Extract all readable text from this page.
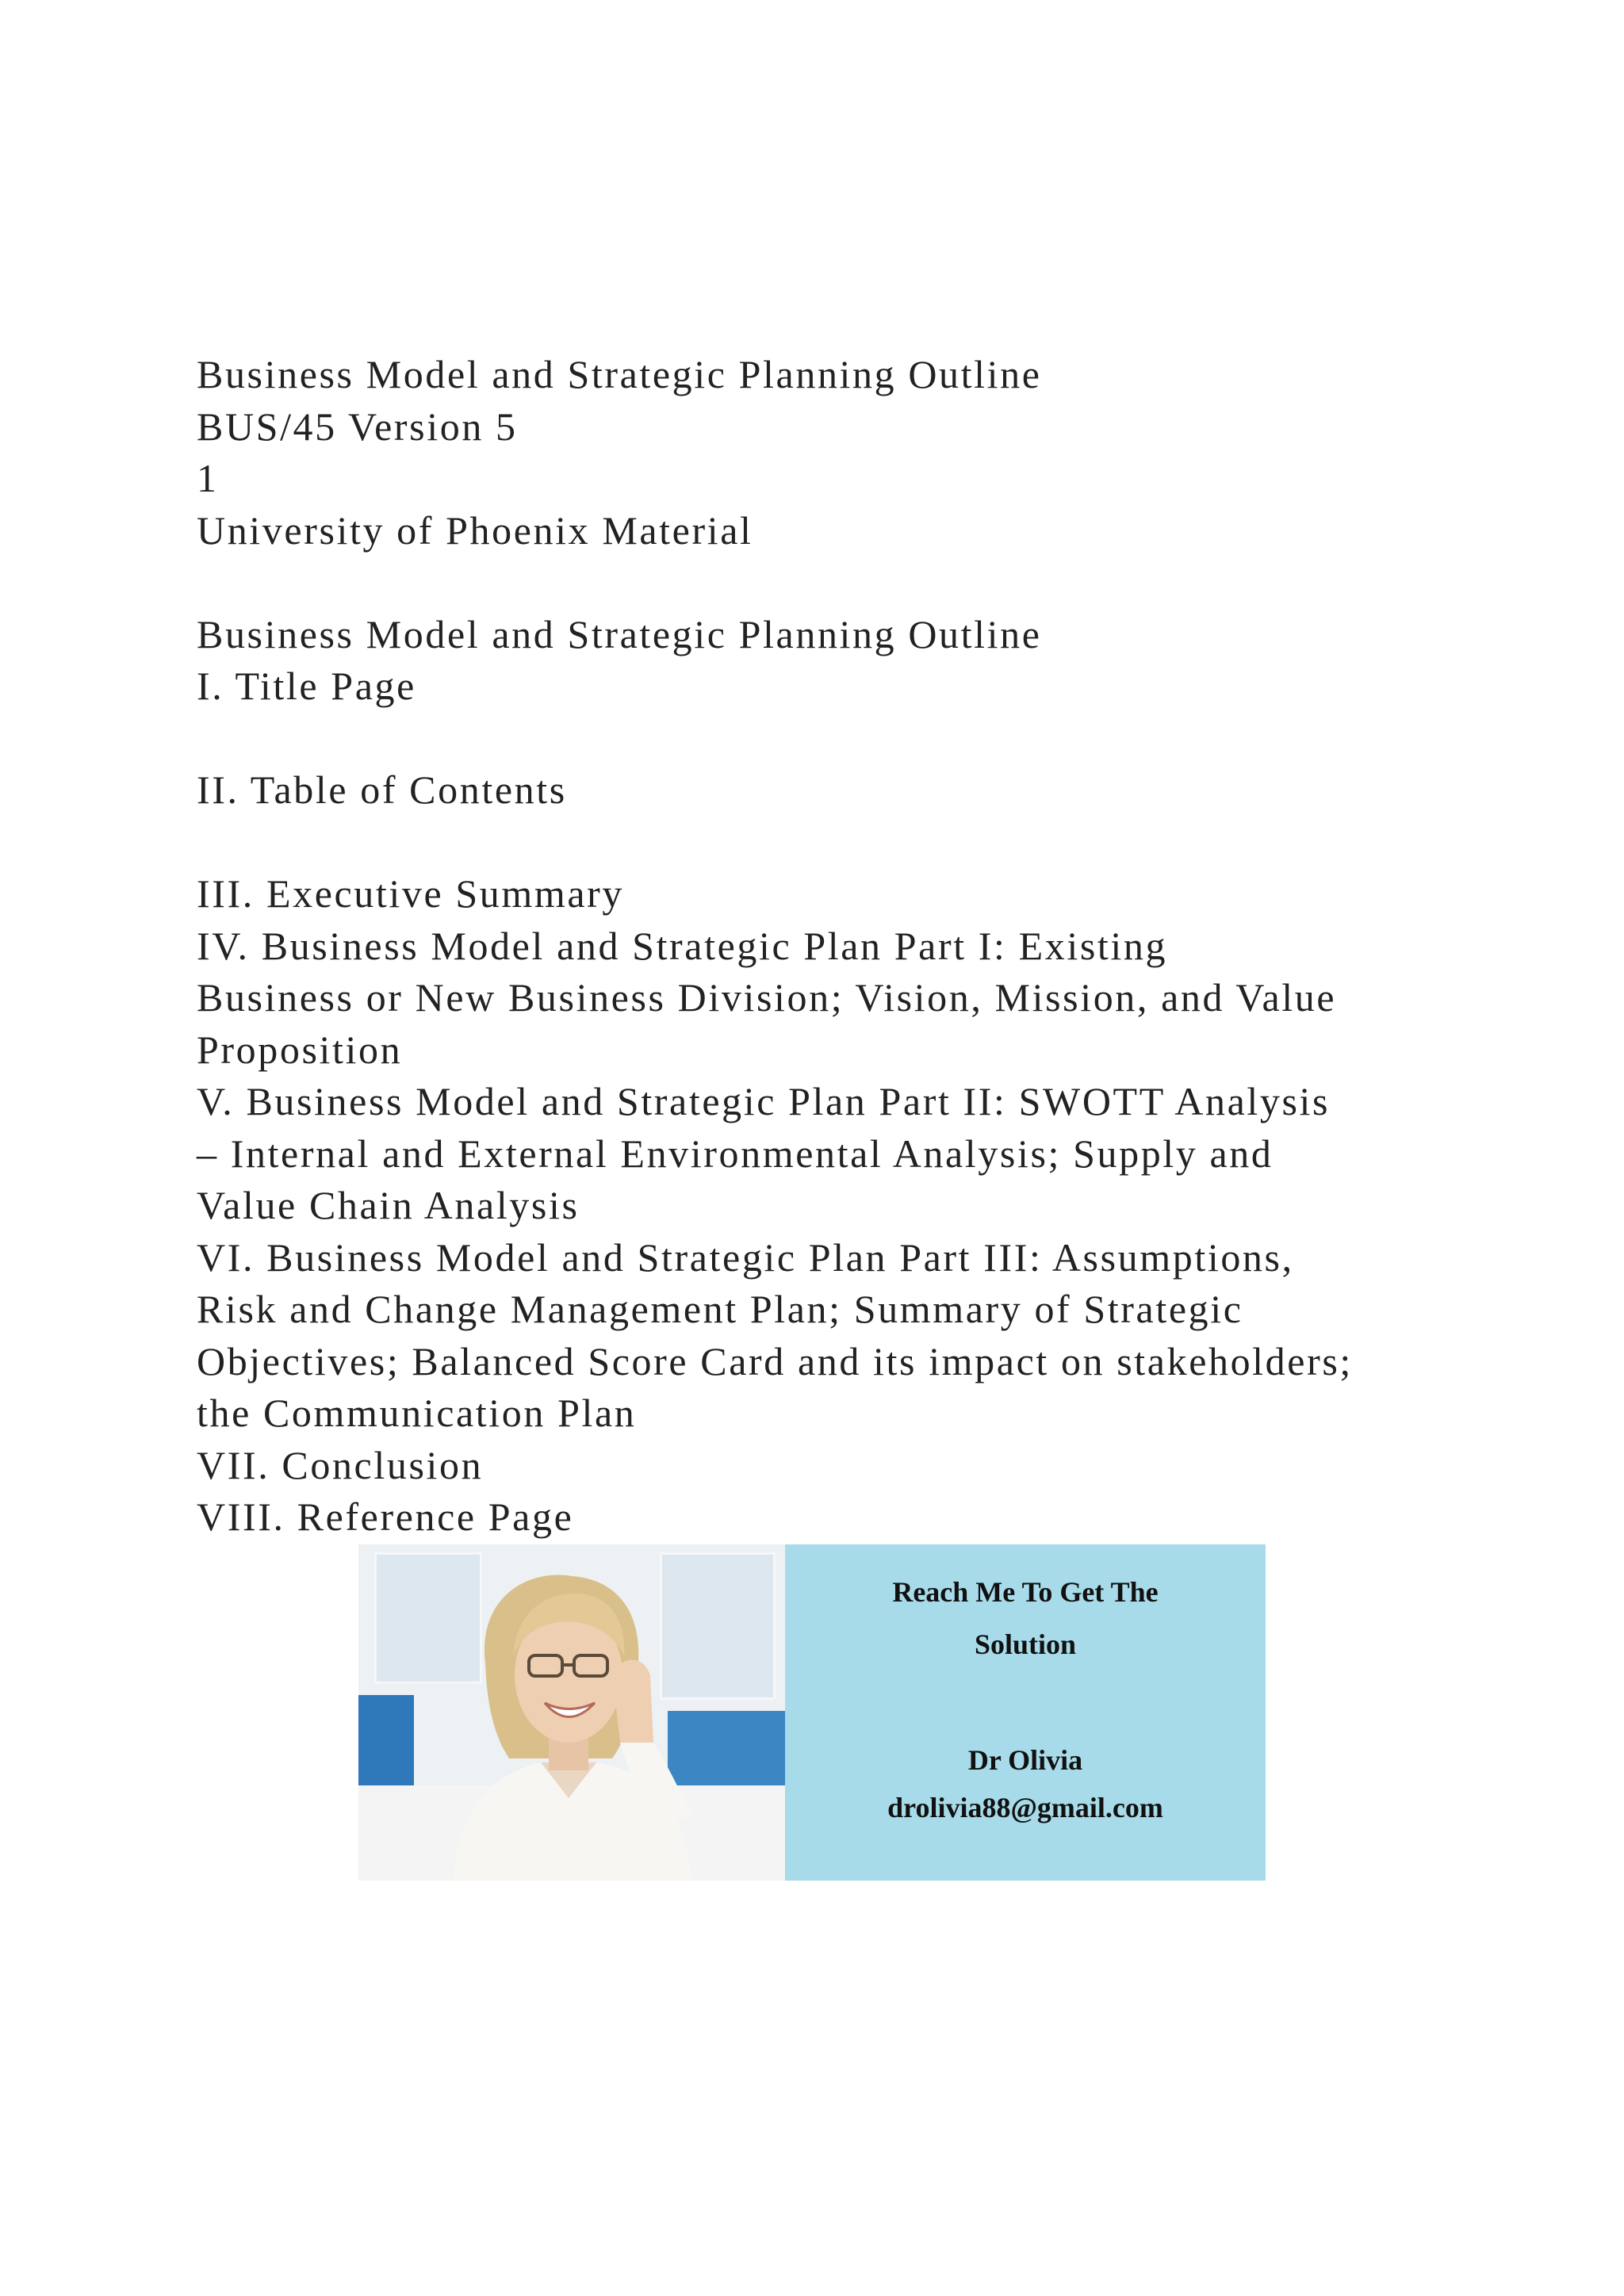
Business Model and Strategic Planning Outline
BUS/45 Version 5
1
University of Phoenix Material
Business Model and Strategic Planning Outline
I. Title Page
II. Table of Contents
III. Executive Summary
IV. Business Model and Strategic Plan Part I: Existing
Business or New Business Division; Vision, Mission, and Value
Proposition
V. Business Model and Strategic Plan Part II: SWOTT Analysis
– Internal and External Environmental Analysis; Supply and
Value Chain Analysis
VI. Business Model and Strategic Plan Part III: Assumptions,
Risk and Change Management Plan; Summary of Strategic
Objectives; Balanced Score Card and its impact on stakeholders;
the Communication Plan
VII. Conclusion
VIII. Reference Page
Reach Me To Get The
Solution
Dr Olivia
drolivia88@gmail.com
